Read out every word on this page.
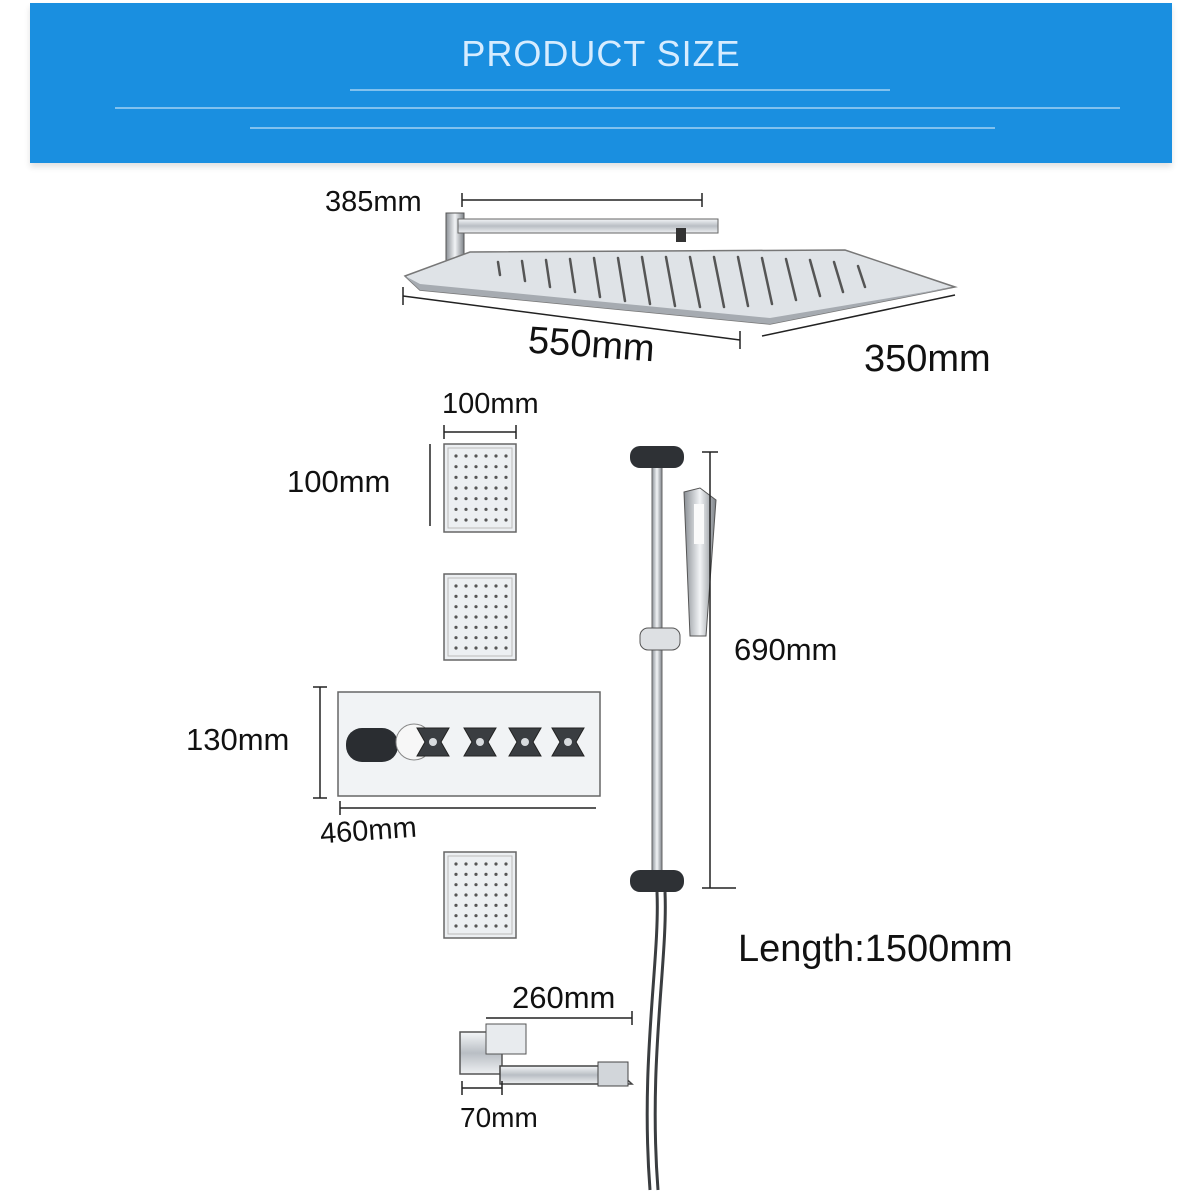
PRODUCT SIZE
385mm
550mm	350mm
100mm
100mm
130mm
460mm
690mm
Length:1500mm
260mm
70mm
